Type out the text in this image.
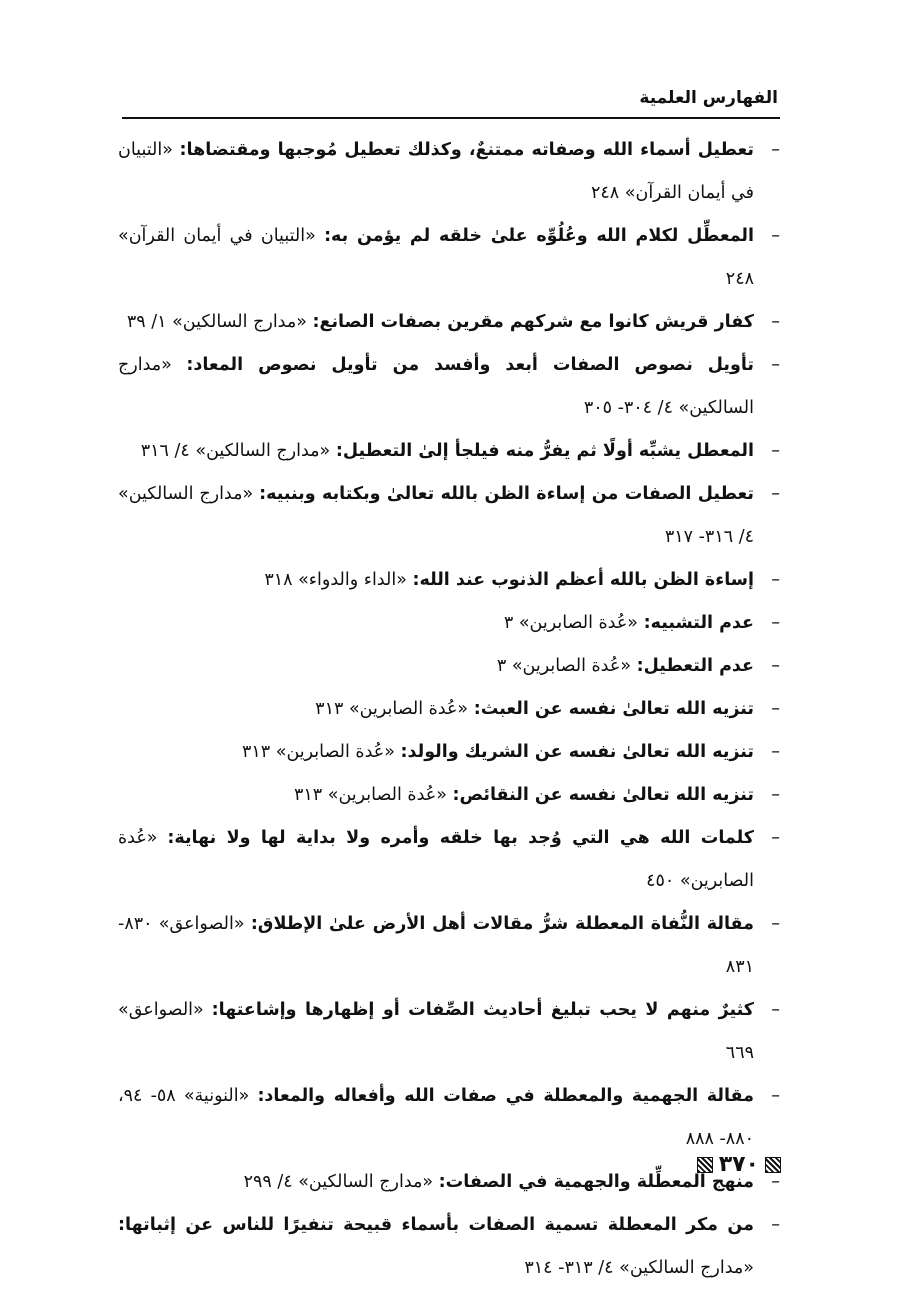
الفهارس العلمية

–
تعطيل أسماء الله وصفاته ممتنعٌ، وكذلك تعطيل مُوجبها ومقتضاها: «التبيان في أيمان القرآن» ٢٤٨

–
المعطِّل لكلام الله وعُلُوِّه علىٰ خلقه لم يؤمن به: «التبيان في أيمان القرآن» ٢٤٨

–
كفار قريش كانوا مع شركهم مقرين بصفات الصانع: «مدارج السالكين» ١/ ٣٩

–
تأويل نصوص الصفات أبعد وأفسد من تأويل نصوص المعاد: «مدارج السالكين» ٤/ ٣٠٤- ٣٠٥

–
المعطل يشبِّه أولًا ثم يفرُّ منه فيلجأ إلىٰ التعطيل: «مدارج السالكين» ٤/ ٣١٦

–
تعطيل الصفات من إساءة الظن بالله تعالىٰ وبكتابه وبنبيه: «مدارج السالكين» ٤/ ٣١٦- ٣١٧

–
إساءة الظن بالله أعظم الذنوب عند الله: «الداء والدواء» ٣١٨

–
عدم التشبيه: «عُدة الصابرين» ٣

–
عدم التعطيل: «عُدة الصابرين» ٣

–
تنزيه الله تعالىٰ نفسه عن العبث: «عُدة الصابرين» ٣١٣

–
تنزيه الله تعالىٰ نفسه عن الشريك والولد: «عُدة الصابرين» ٣١٣

–
تنزيه الله تعالىٰ نفسه عن النقائص: «عُدة الصابرين» ٣١٣

–
كلمات الله هي التي وُجد بها خلقه وأمره ولا بداية لها ولا نهاية: «عُدة الصابرين» ٤٥٠

–
مقالة النُّفاة المعطلة شرُّ مقالات أهل الأرض علىٰ الإطلاق: «الصواعق» ٨٣٠- ٨٣١

–
كثيرٌ منهم لا يحب تبليغ أحاديث الصِّفات أو إظهارها وإشاعتها: «الصواعق» ٦٦٩

–
مقالة الجهمية والمعطلة في صفات الله وأفعاله والمعاد: «النونية» ٥٨- ٩٤، ٨٨٠- ٨٨٨

–
منهج المعطِّلة والجهمية في الصفات: «مدارج السالكين» ٤/ ٢٩٩

–
من مكر المعطلة تسمية الصفات بأسماء قبيحة تنفيرًا للناس عن إثباتها: «مدارج السالكين» ٤/ ٣١٣- ٣١٤

٣٧٠
